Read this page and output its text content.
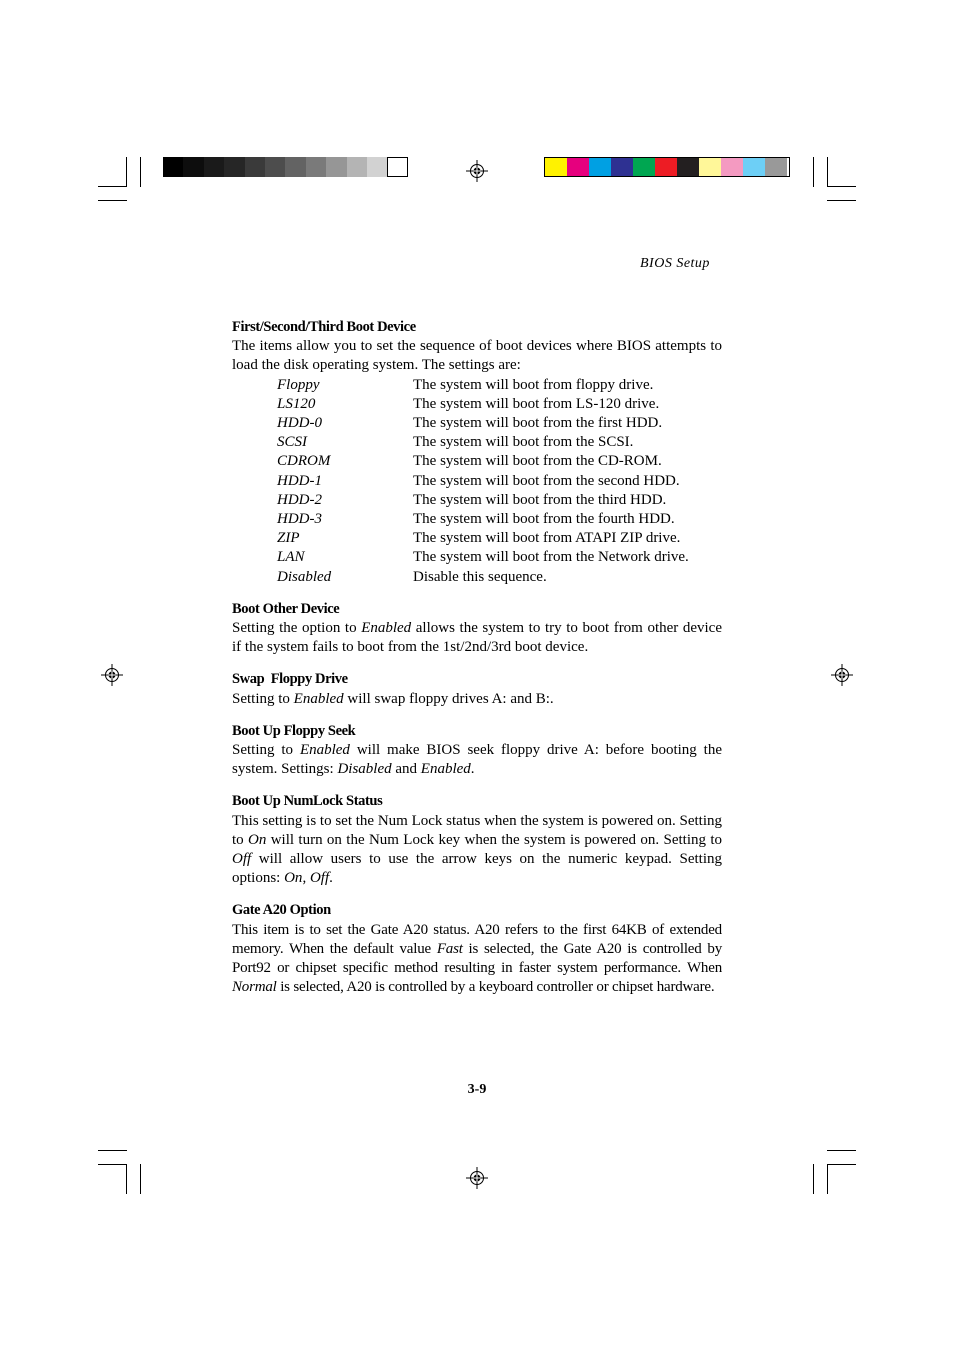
BIOS Setup
First/Second/Third Boot Device
The items allow you to set the sequence of boot devices where BIOS attempts to load the disk operating system. The settings are:
Floppy	The system will boot from floppy drive.
LS120	The system will boot from LS-120 drive.
HDD-0	The system will boot from the first HDD.
SCSI	The system will boot from the SCSI.
CDROM	The system will boot from the CD-ROM.
HDD-1	The system will boot from the second HDD.
HDD-2	The system will boot from the third HDD.
HDD-3	The system will boot from the fourth HDD.
ZIP	The system will boot from ATAPI ZIP drive.
LAN	The system will boot from the Network drive.
Disabled	Disable this sequence.
Boot Other Device
Setting the option to Enabled allows the system to try to boot from other device if the system fails to boot from the 1st/2nd/3rd boot device.
Swap  Floppy Drive
Setting to Enabled will swap floppy drives A: and B:.
Boot Up Floppy Seek
Setting to Enabled will make BIOS seek floppy drive A: before booting the system. Settings: Disabled and Enabled.
Boot Up NumLock Status
This setting is to set the Num Lock status when the system is powered on. Setting to On will turn on the Num Lock key when the system is powered on. Setting to Off will allow users to use the arrow keys on the numeric keypad. Setting options: On, Off.
Gate A20 Option
This item is to set the Gate A20 status. A20 refers to the first 64KB of extended memory. When the default value Fast is selected, the Gate A20 is controlled by Port92 or chipset specific method resulting in faster system performance. When Normal is selected, A20 is controlled by a keyboard controller or chipset hardware.
3-9
